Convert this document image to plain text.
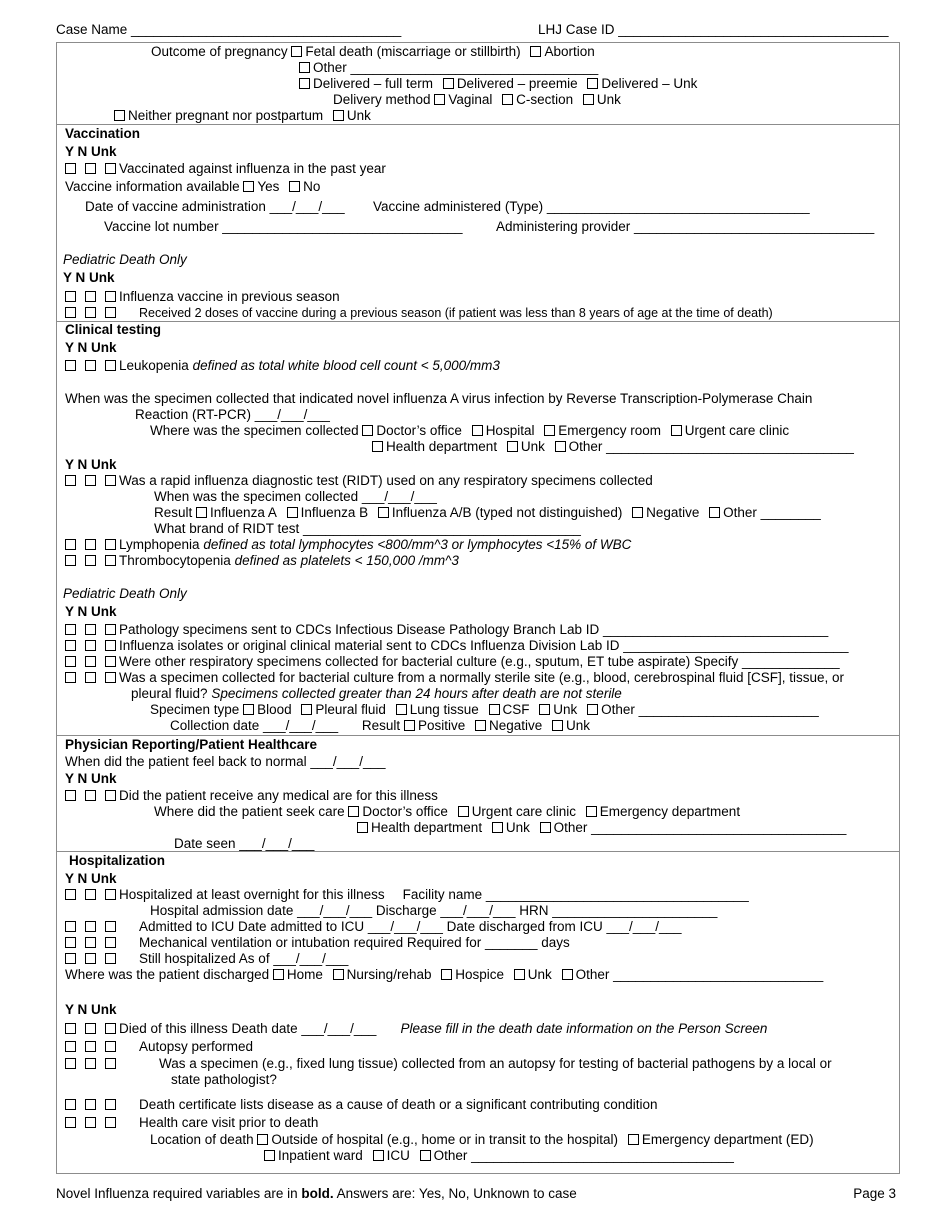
Case Name ____________________________________	LHJ Case ID ____________________________________
Outcome of pregnancy Fetal death (miscarriage or stillbirth) Abortion
Other _________________________________
Delivered – full term Delivered – preemie Delivered – Unk
Delivery method Vaginal C-section Unk
Neither pregnant nor postpartum Unk
Vaccination
Y N Unk
Vaccinated against influenza in the past year
Vaccine information available Yes No
Date of vaccine administration ___/___/___ Vaccine administered (Type) ___________________________________
Vaccine lot number ________________________________ Administering provider ________________________________
Pediatric Death Only
Y N Unk
Influenza vaccine in previous season
Received 2 doses of vaccine during a previous season (if patient was less than 8 years of age at the time of death)
Clinical testing
Y N Unk
Leukopenia defined as total white blood cell count < 5,000/mm3
When was the specimen collected that indicated novel influenza A virus infection by Reverse Transcription-Polymerase Chain
Reaction (RT-PCR) ___/___/___
Where was the specimen collected Doctor’s office Hospital Emergency room Urgent care clinic
Health department Unk Other _________________________________
Y N Unk
Was a rapid influenza diagnostic test (RIDT) used on any respiratory specimens collected
When was the specimen collected ___/___/___
Result Influenza A Influenza B Influenza A/B (typed not distinguished) Negative Other ________
What brand of RIDT test _____________________________________
Lymphopenia defined as total lymphocytes <800/mm^3 or lymphocytes <15% of WBC
Thrombocytopenia defined as platelets < 150,000 /mm^3
Pediatric Death Only
Y N Unk
Pathology specimens sent to CDCs Infectious Disease Pathology Branch Lab ID ______________________________
Influenza isolates or original clinical material sent to CDCs Influenza Division Lab ID ______________________________
Were other respiratory specimens collected for bacterial culture (e.g., sputum, ET tube aspirate) Specify _____________
Was a specimen collected for bacterial culture from a normally sterile site (e.g., blood, cerebrospinal fluid [CSF], tissue, or
pleural fluid? Specimens collected greater than 24 hours after death are not sterile
Specimen type Blood Pleural fluid Lung tissue CSF Unk Other ________________________
Collection date ___/___/___ Result Positive Negative Unk
Physician Reporting/Patient Healthcare
When did the patient feel back to normal ___/___/___
Y N Unk
Did the patient receive any medical are for this illness
Where did the patient seek care Doctor’s office Urgent care clinic Emergency department
Health department Unk Other __________________________________
Date seen ___/___/___
Hospitalization
Y N Unk
Hospitalized at least overnight for this illness Facility name ___________________________________
Hospital admission date ___/___/___ Discharge ___/___/___ HRN ______________________
Admitted to ICU Date admitted to ICU ___/___/___ Date discharged from ICU ___/___/___
Mechanical ventilation or intubation required Required for _______ days
Still hospitalized As of ___/___/___
Where was the patient discharged Home Nursing/rehab Hospice Unk Other ____________________________
Y N Unk
Died of this illness Death date ___/___/___ Please fill in the death date information on the Person Screen
Autopsy performed
Was a specimen (e.g., fixed lung tissue) collected from an autopsy for testing of bacterial pathogens by a local or
state pathologist?
Death certificate lists disease as a cause of death or a significant contributing condition
Health care visit prior to death
Location of death Outside of hospital (e.g., home or in transit to the hospital) Emergency department (ED)
Inpatient ward ICU Other ___________________________________
Novel Influenza required variables are in bold. Answers are: Yes, No, Unknown to case	Page 3
